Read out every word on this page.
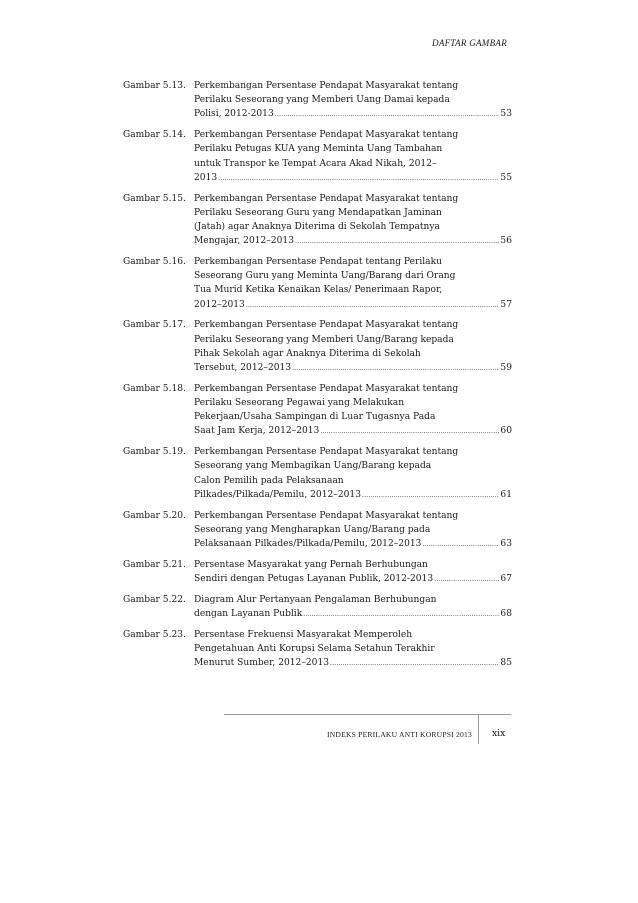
DAFTAR GAMBAR
Gambar 5.13. Perkembangan Persentase Pendapat Masyarakat tentang
Perilaku Seseorang yang Memberi Uang Damai kepada
Polisi, 2012-2013 .....	53
Gambar 5.14. Perkembangan Persentase Pendapat Masyarakat tentang
Perilaku Petugas KUA yang Meminta Uang Tambahan
untuk Transpor ke Tempat Acara Akad Nikah, 2012–
2013 .....	55
Gambar 5.15. Perkembangan Persentase Pendapat Masyarakat tentang
Perilaku Seseorang Guru yang Mendapatkan Jaminan
(Jatah) agar Anaknya Diterima di Sekolah Tempatnya
Mengajar, 2012–2013 .....	56
Gambar 5.16. Perkembangan Persentase Pendapat tentang Perilaku
Seseorang Guru yang Meminta Uang/Barang dari Orang
Tua Murid Ketika Kenaikan Kelas/ Penerimaan Rapor,
2012–2013 .....	57
Gambar 5.17. Perkembangan Persentase Pendapat Masyarakat tentang
Perilaku Seseorang yang Memberi Uang/Barang kepada
Pihak Sekolah agar Anaknya Diterima di Sekolah
Tersebut, 2012–2013 .....	59
Gambar 5.18. Perkembangan Persentase Pendapat Masyarakat tentang
Perilaku Seseorang Pegawai yang Melakukan
Pekerjaan/Usaha Sampingan di Luar Tugasnya Pada
Saat Jam Kerja, 2012–2013 .....	60
Gambar 5.19. Perkembangan Persentase Pendapat Masyarakat tentang
Seseorang yang Membagikan Uang/Barang kepada
Calon Pemilih pada Pelaksanaan
Pilkades/Pilkada/Pemilu, 2012–2013 .....	61
Gambar 5.20. Perkembangan Persentase Pendapat Masyarakat tentang
Seseorang yang Mengharapkan Uang/Barang pada
Pelaksanaan Pilkades/Pilkada/Pemilu, 2012–2013 .....	63
Gambar 5.21. Persentase Masyarakat yang Pernah Berhubungan
Sendiri dengan Petugas Layanan Publik, 2012-2013 .....	67
Gambar 5.22. Diagram Alur Pertanyaan Pengalaman Berhubungan
dengan Layanan Publik .....	68
Gambar 5.23. Persentase Frekuensi Masyarakat Memperoleh
Pengetahuan Anti Korupsi Selama Setahun Terakhir
Menurut Sumber, 2012–2013 .....	85
INDEKS PERILAKU ANTI KORUPSI 2013 xix
